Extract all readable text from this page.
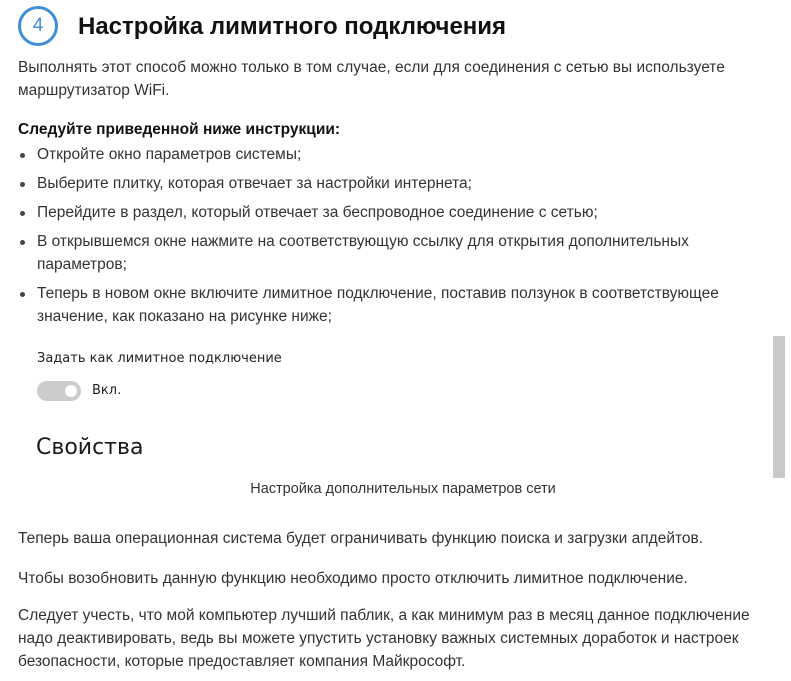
4	Настройка лимитного подключения

Выполнять этот способ можно только в том случае, если для соединения с сетью вы используете маршрутизатор WiFi.

Следуйте приведенной ниже инструкции:

Откройте окно параметров системы;
Выберите плитку, которая отвечает за настройки интернета;
Перейдите в раздел, который отвечает за беспроводное соединение с сетью;
В открывшемся окне нажмите на соответствующую ссылку для открытия дополнительных параметров;
Теперь в новом окне включите лимитное подключение, поставив ползунок в соответствующее значение, как показано на рисунке ниже;
Задать как лимитное подключение
Вкл.
Свойства
Настройка дополнительных параметров сети

Теперь ваша операционная система будет ограничивать функцию поиска и загрузки апдейтов.

Чтобы возобновить данную функцию необходимо просто отключить лимитное подключение.

Следует учесть, что мой компьютер лучший паблик, а как минимум раз в месяц данное подключение надо деактивировать, ведь вы можете упустить установку важных системных доработок и настроек безопасности, которые предоставляет компания Майкрософт.
